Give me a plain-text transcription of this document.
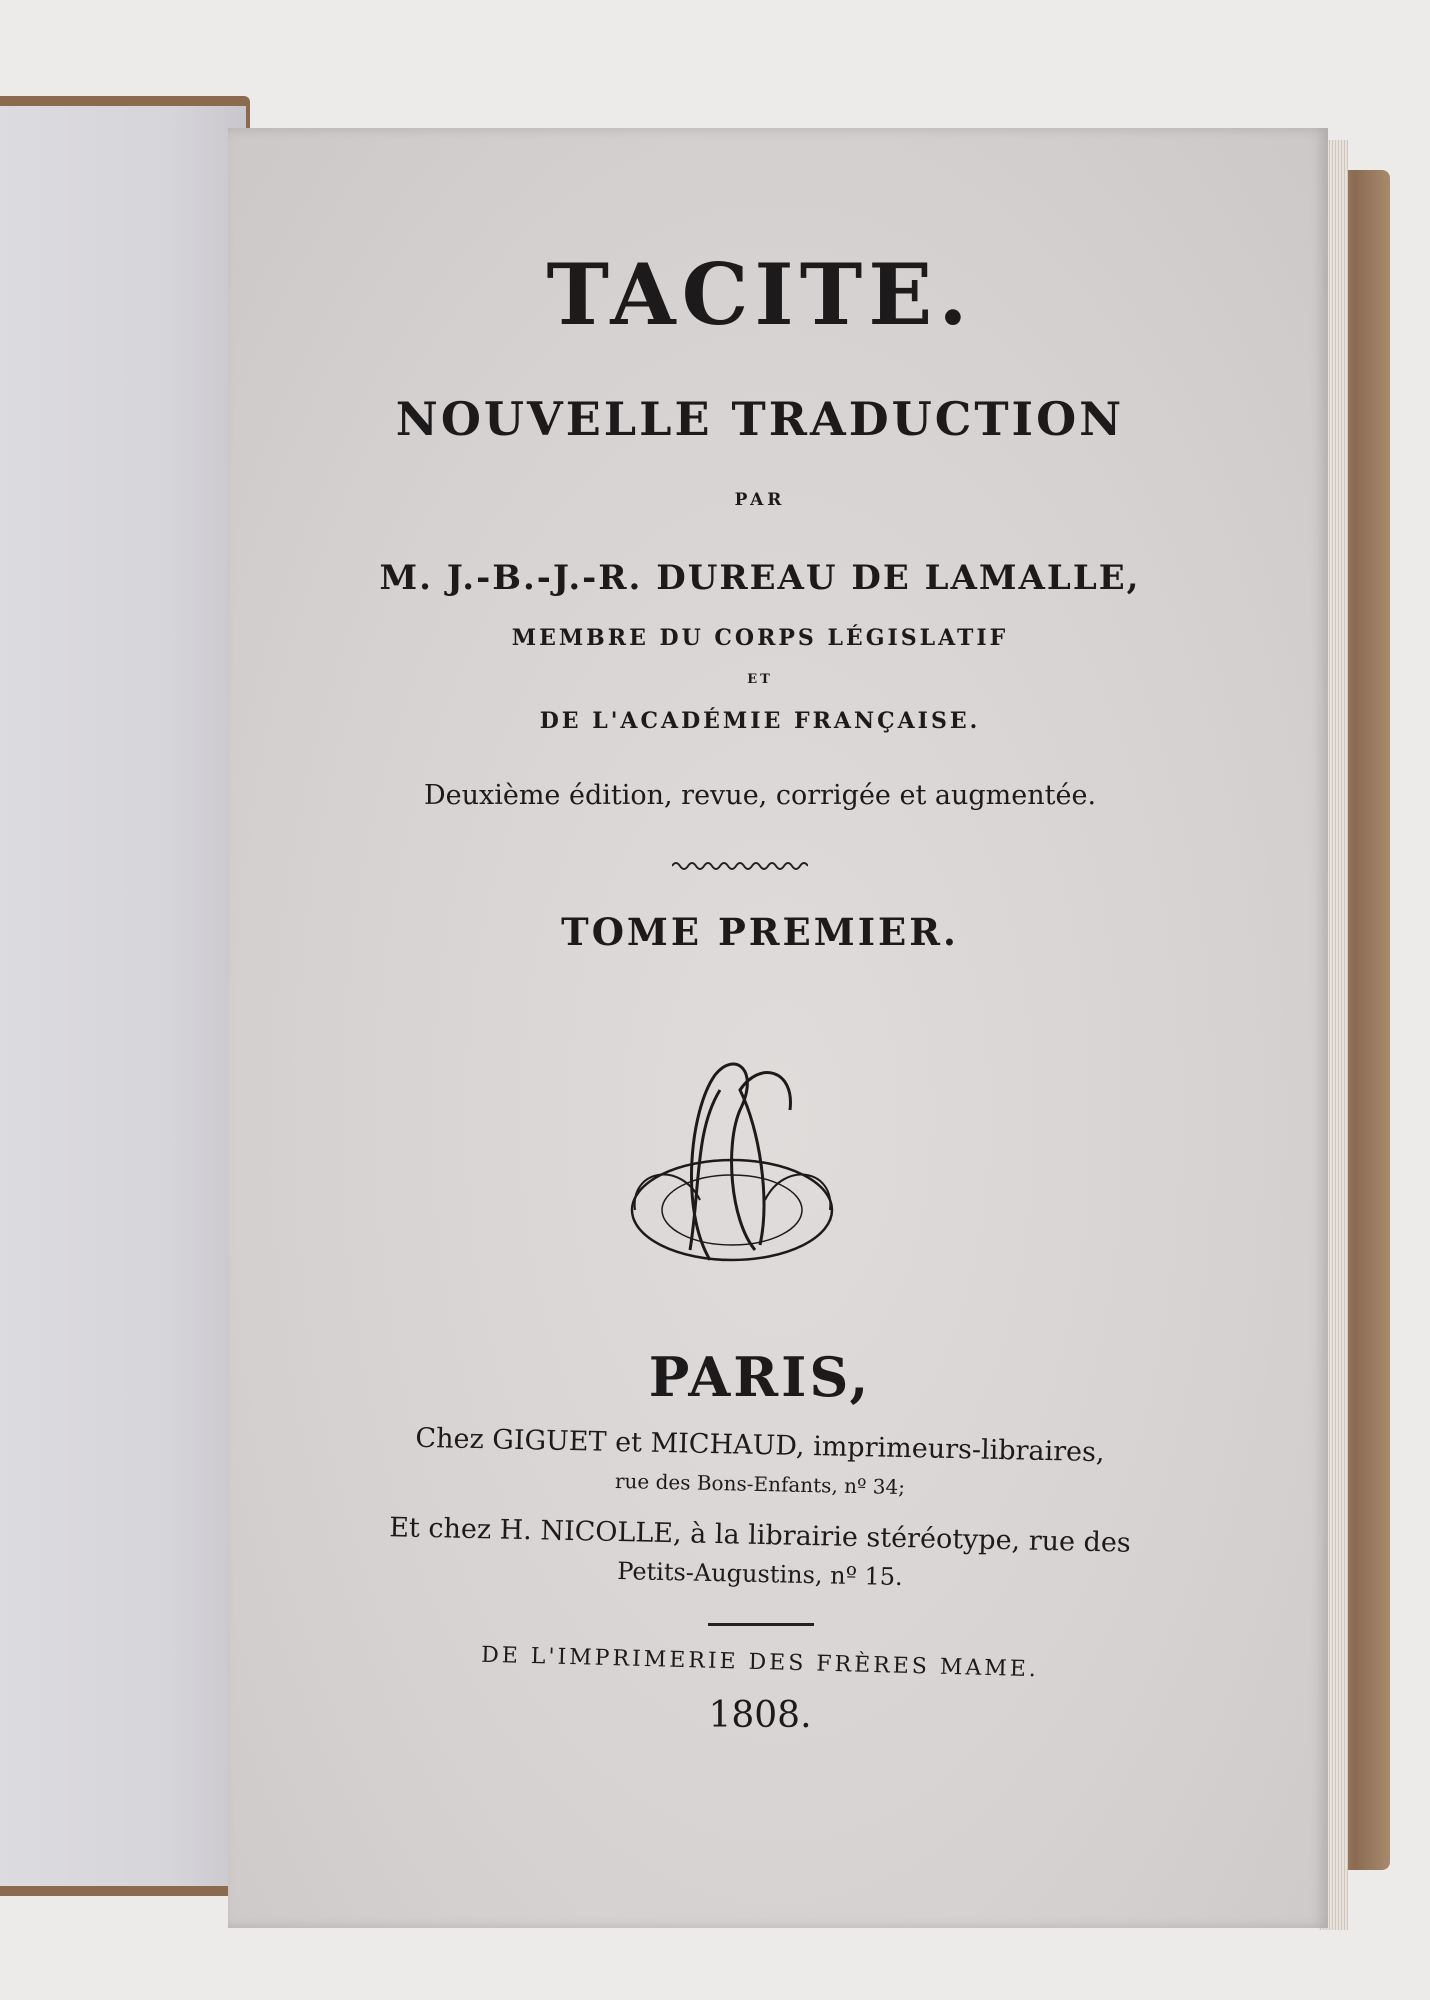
TACITE.
NOUVELLE TRADUCTION
PAR
M. J.-B.-J.-R. DUREAU DE LAMALLE,
MEMBRE DU CORPS LÉGISLATIF
ET
DE L'ACADÉMIE FRANÇAISE.
Deuxième édition, revue, corrigée et augmentée.
TOME PREMIER.
PARIS,
Chez GIGUET et MICHAUD, imprimeurs-libraires,
rue des Bons-Enfants, nº 34;
Et chez H. NICOLLE, à la librairie stéréotype, rue des
Petits-Augustins, nº 15.
DE L'IMPRIMERIE DES FRÈRES MAME.
1808.
